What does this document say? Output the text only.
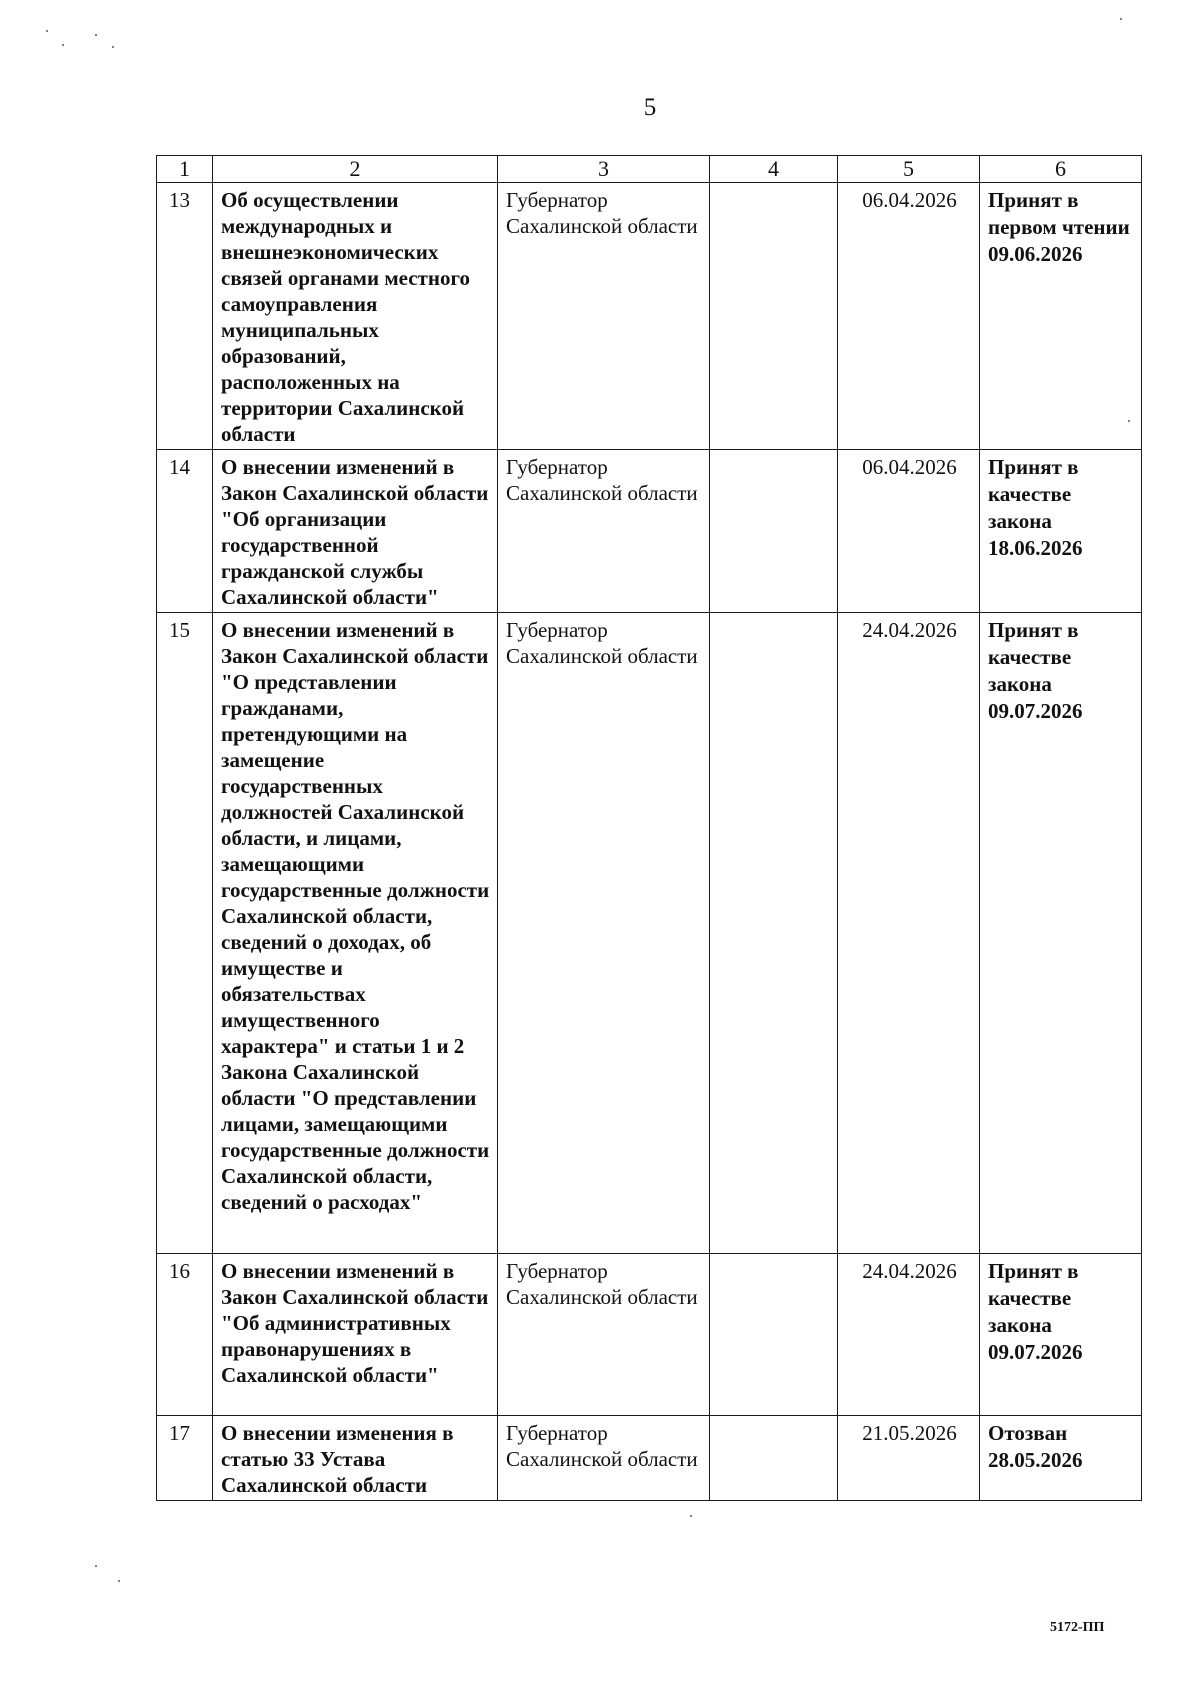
5
1	2	3	4	5	6
13	Об осуществлении международных и внешнеэкономических связей органами местного самоуправления муниципальных образований, расположенных на территории Сахалинской области	Губернатор Сахалинской области		06.04.2026	Принят в первом чтении 09.06.2026
14	О внесении изменений в Закон Сахалинской области "Об организации государственной гражданской службы Сахалинской области"	Губернатор Сахалинской области		06.04.2026	Принят в качестве закона 18.06.2026
15	О внесении изменений в Закон Сахалинской области "О представлении гражданами, претендующими на замещение государственных должностей Сахалинской области, и лицами, замещающими государственные должности Сахалинской области, сведений о доходах, об имуществе и обязательствах имущественного характера" и статьи 1 и 2 Закона Сахалинской области "О представлении лицами, замещающими государственные должности Сахалинской области, сведений о расходах"	Губернатор Сахалинской области		24.04.2026	Принят в качестве закона 09.07.2026
16	О внесении изменений в Закон Сахалинской области "Об административных правонарушениях в Сахалинской области"	Губернатор Сахалинской области		24.04.2026	Принят в качестве закона 09.07.2026
17	О внесении изменения в статью 33 Устава Сахалинской области	Губернатор Сахалинской области		21.05.2026	Отозван 28.05.2026
5172-ПП
